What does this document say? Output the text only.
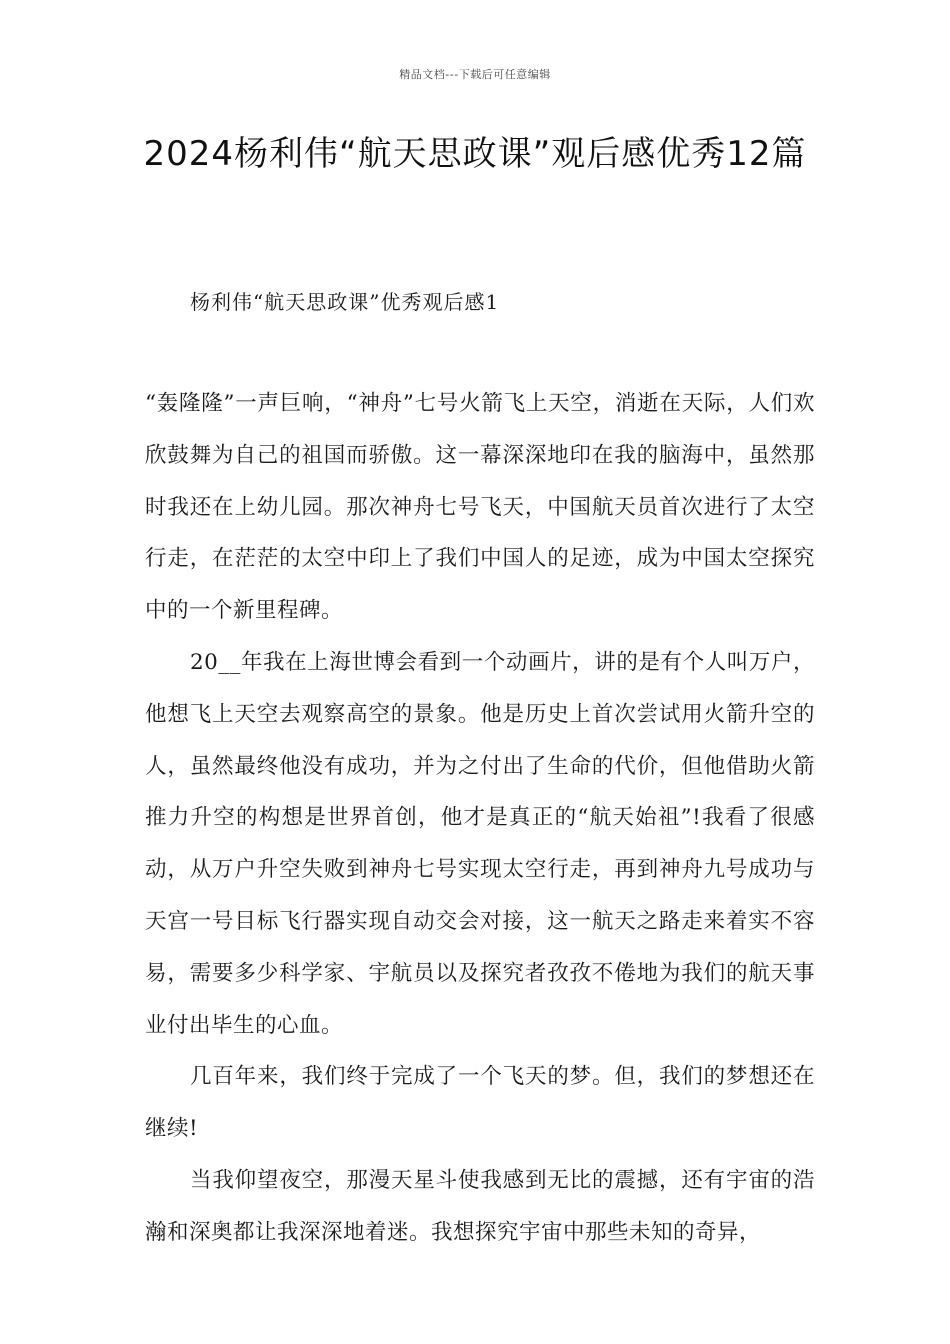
精品文档---下载后可任意编辑
2024杨利伟“航天思政课”观后感优秀12篇
杨利伟“航天思政课”优秀观后感1

“轰隆隆”一声巨响，“神舟”七号火箭飞上天空，消逝在天际，人们欢欣鼓舞为自己的祖国而骄傲。这一幕深深地印在我的脑海中，虽然那时我还在上幼儿园。那次神舟七号飞天，中国航天员首次进行了太空行走，在茫茫的太空中印上了我们中国人的足迹，成为中国太空探究中的一个新里程碑。

20__年我在上海世博会看到一个动画片，讲的是有个人叫万户，他想飞上天空去观察高空的景象。他是历史上首次尝试用火箭升空的人，虽然最终他没有成功，并为之付出了生命的代价，但他借助火箭推力升空的构想是世界首创，他才是真正的“航天始祖”!我看了很感动，从万户升空失败到神舟七号实现太空行走，再到神舟九号成功与天宫一号目标飞行器实现自动交会对接，这一航天之路走来着实不容易，需要多少科学家、宇航员以及探究者孜孜不倦地为我们的航天事业付出毕生的心血。

几百年来，我们终于完成了一个飞天的梦。但，我们的梦想还在继续!

当我仰望夜空，那漫天星斗使我感到无比的震撼，还有宇宙的浩瀚和深奥都让我深深地着迷。我想探究宇宙中那些未知的奇异，
